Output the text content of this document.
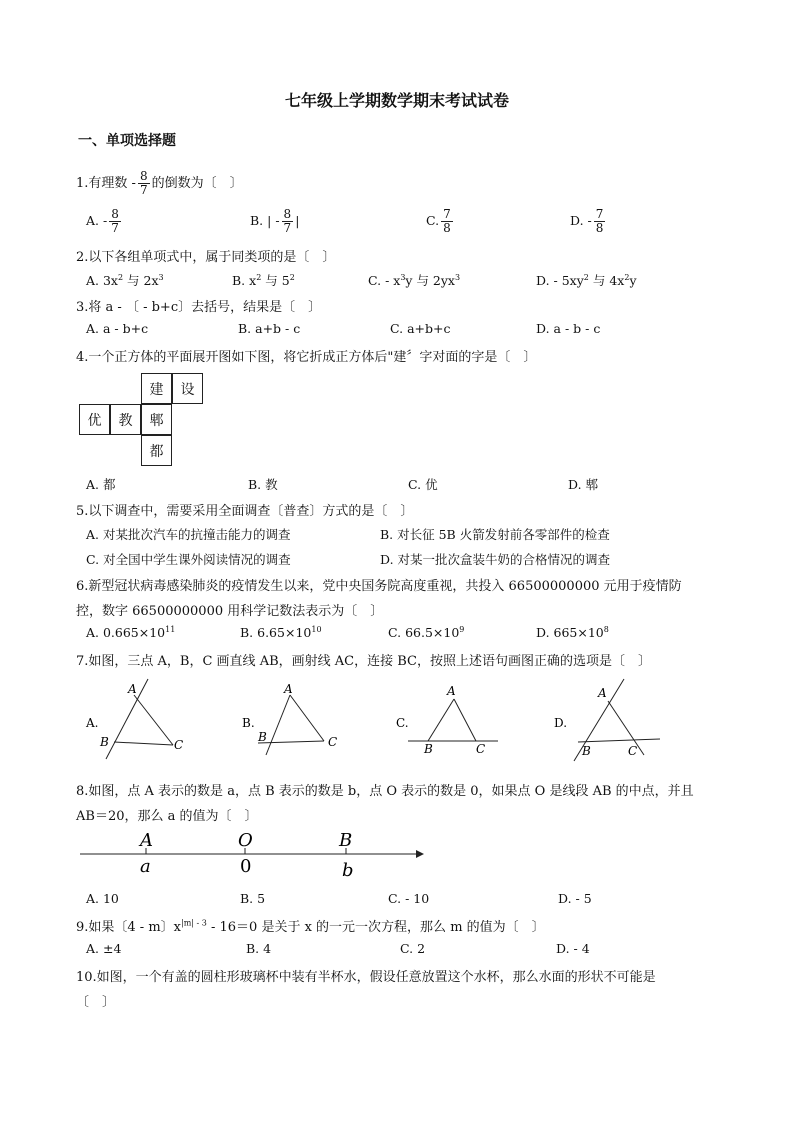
七年级上学期数学期末考试试卷
一、单项选择题
1.有理数 - $\frac{8}{7}$ 的倒数为〔　〕
A. - $\frac{8}{7}$	B. | - $\frac{8}{7}$ |	C. $\frac{7}{8}$	D. - $\frac{7}{8}$
2.以下各组单项式中，属于同类项的是〔　〕
A. $3x^2$ 与 $2x^3$	B. $x^2$ 与 $5^2$	C. - $x^3y$ 与 $2yx^3$	D. - $5xy^2$ 与 $4x^2y$
3.将 a - 〔 - b+c〕去括号，结果是〔　〕
A. a - b+c	B. a+b - c	C. a+b+c	D. a - b - c
4.一个正方体的平面展开图如下图，将它折成正方体后"建〞字对面的字是〔　〕
建	设
优	教	郫
都
A. 都	B. 教	C. 优	D. 郫
5.以下调查中，需要采用全面调查〔普查〕方式的是〔　〕
A. 对某批次汽车的抗撞击能力的调查	B. 对长征 5B 火箭发射前各零部件的检查
C. 对全国中学生课外阅读情况的调查	D. 对某一批次盒装牛奶的合格情况的调查
6.新型冠状病毒感染肺炎的疫情发生以来，党中央国务院高度重视，共投入 66500000000 元用于疫情防
控，数字 66500000000 用科学记数法表示为〔　〕
A. $0.665\times 10^{11}$	B. $6.65\times 10^{10}$	C. $66.5\times 10^9$	D. $665\times 10^8$
7.如图，三点 A，B，C 画直线 AB，画射线 AC，连接 BC，按照上述语句画图正确的选项是〔　〕
A.
A
B	C
B.
A
B	C
C.
A
B	C
D.
A
B	C
8.如图，点 A 表示的数是 a，点 B 表示的数是 b，点 O 表示的数是 0，如果点 O 是线段 AB 的中点，并且
AB＝20，那么 a 的值为〔　〕
A	O	B
a	0	b
A. 10	B. 5	C. - 10	D. - 5
9.如果〔4 - m〕$x^{|m| - 3} - 16=0$ 是关于 x 的一元一次方程，那么 m 的值为〔　〕
A. ±4	B. 4	C. 2	D. - 4
10.如图，一个有盖的圆柱形玻璃杯中装有半杯水，假设任意放置这个水杯，那么水面的形状不可能是
〔　〕
